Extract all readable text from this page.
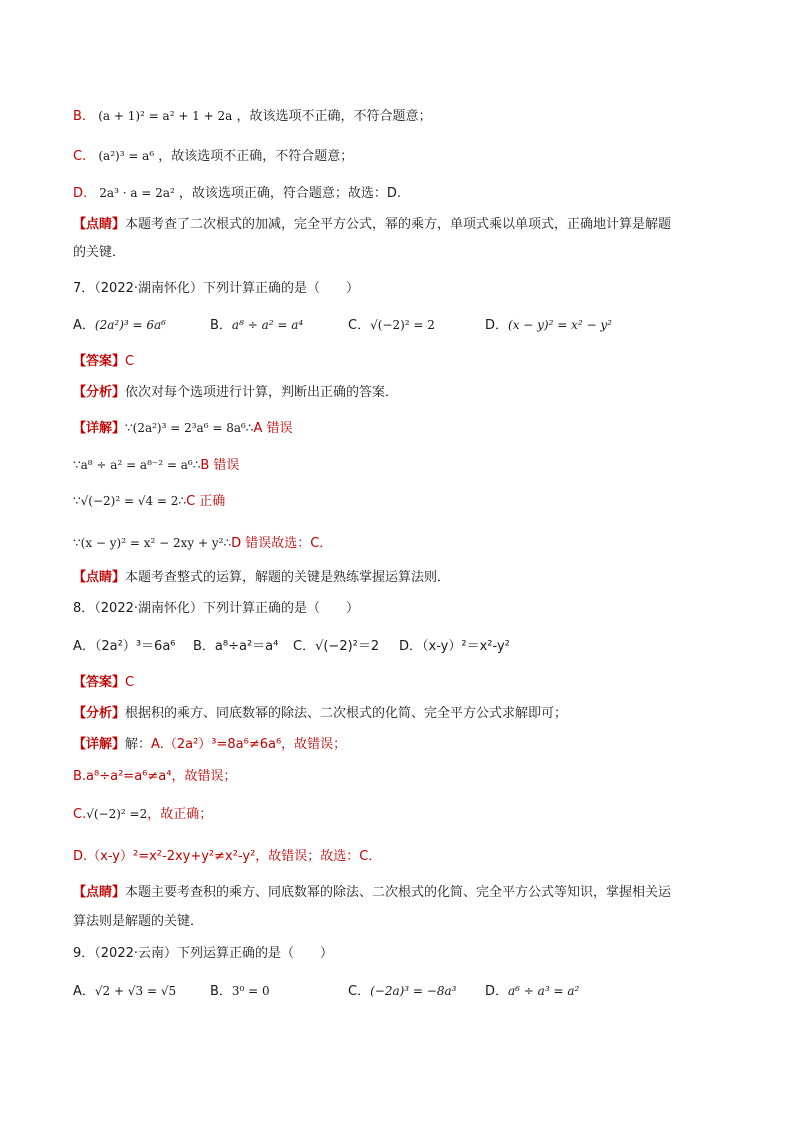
B. (a + 1)² = a² + 1 + 2a ，故该选项不正确，不符合题意；
C. (a²)³ = a⁶ ，故该选项不正确，不符合题意；
D. 2a³ · a = 2a² ，故该选项正确，符合题意；故选：D.
【点睛】本题考查了二次根式的加减，完全平方公式，幂的乘方，单项式乘以单项式，正确地计算是解题
的关键．
7．（2022·湖南怀化）下列计算正确的是（　　）
A．(2a²)³ = 6a⁶	B．a⁸ ÷ a² = a⁴	C．√(−2)² = 2	D．(x − y)² = x² − y²
【答案】C
【分析】依次对每个选项进行计算，判断出正确的答案．
【详解】∵(2a²)³ = 2³a⁶ = 8a⁶∴A 错误
∵a⁸ ÷ a² = a⁸⁻² = a⁶∴B 错误
∵√(−2)² = √4 = 2∴C 正确
∵(x − y)² = x² − 2xy + y²∴D 错误故选：C．
【点睛】本题考查整式的运算，解题的关键是熟练掌握运算法则．
8．（2022·湖南怀化）下列计算正确的是（　　）
A．（2a²）³＝6a⁶ B．a⁸÷a²＝a⁴ C．√(−2)²＝2 D．（x-y）²＝x²-y²
【答案】C
【分析】根据积的乘方、同底数幂的除法、二次根式的化简、完全平方公式求解即可；
【详解】解：A.（2a²）³=8a⁶≠6a⁶，故错误；
B.a⁸÷a²=a⁶≠a⁴，故错误；
C.√(−2)² =2，故正确；
D.（x-y）²=x²-2xy+y²≠x²-y²，故错误；故选：C．
【点睛】本题主要考查积的乘方、同底数幂的除法、二次根式的化简、完全平方公式等知识，掌握相关运
算法则是解题的关键．
9．（2022·云南）下列运算正确的是（　　）
A．√2 + √3 = √5	B．3⁰ = 0	C．(−2a)³ = −8a³ D．a⁶ ÷ a³ = a²
